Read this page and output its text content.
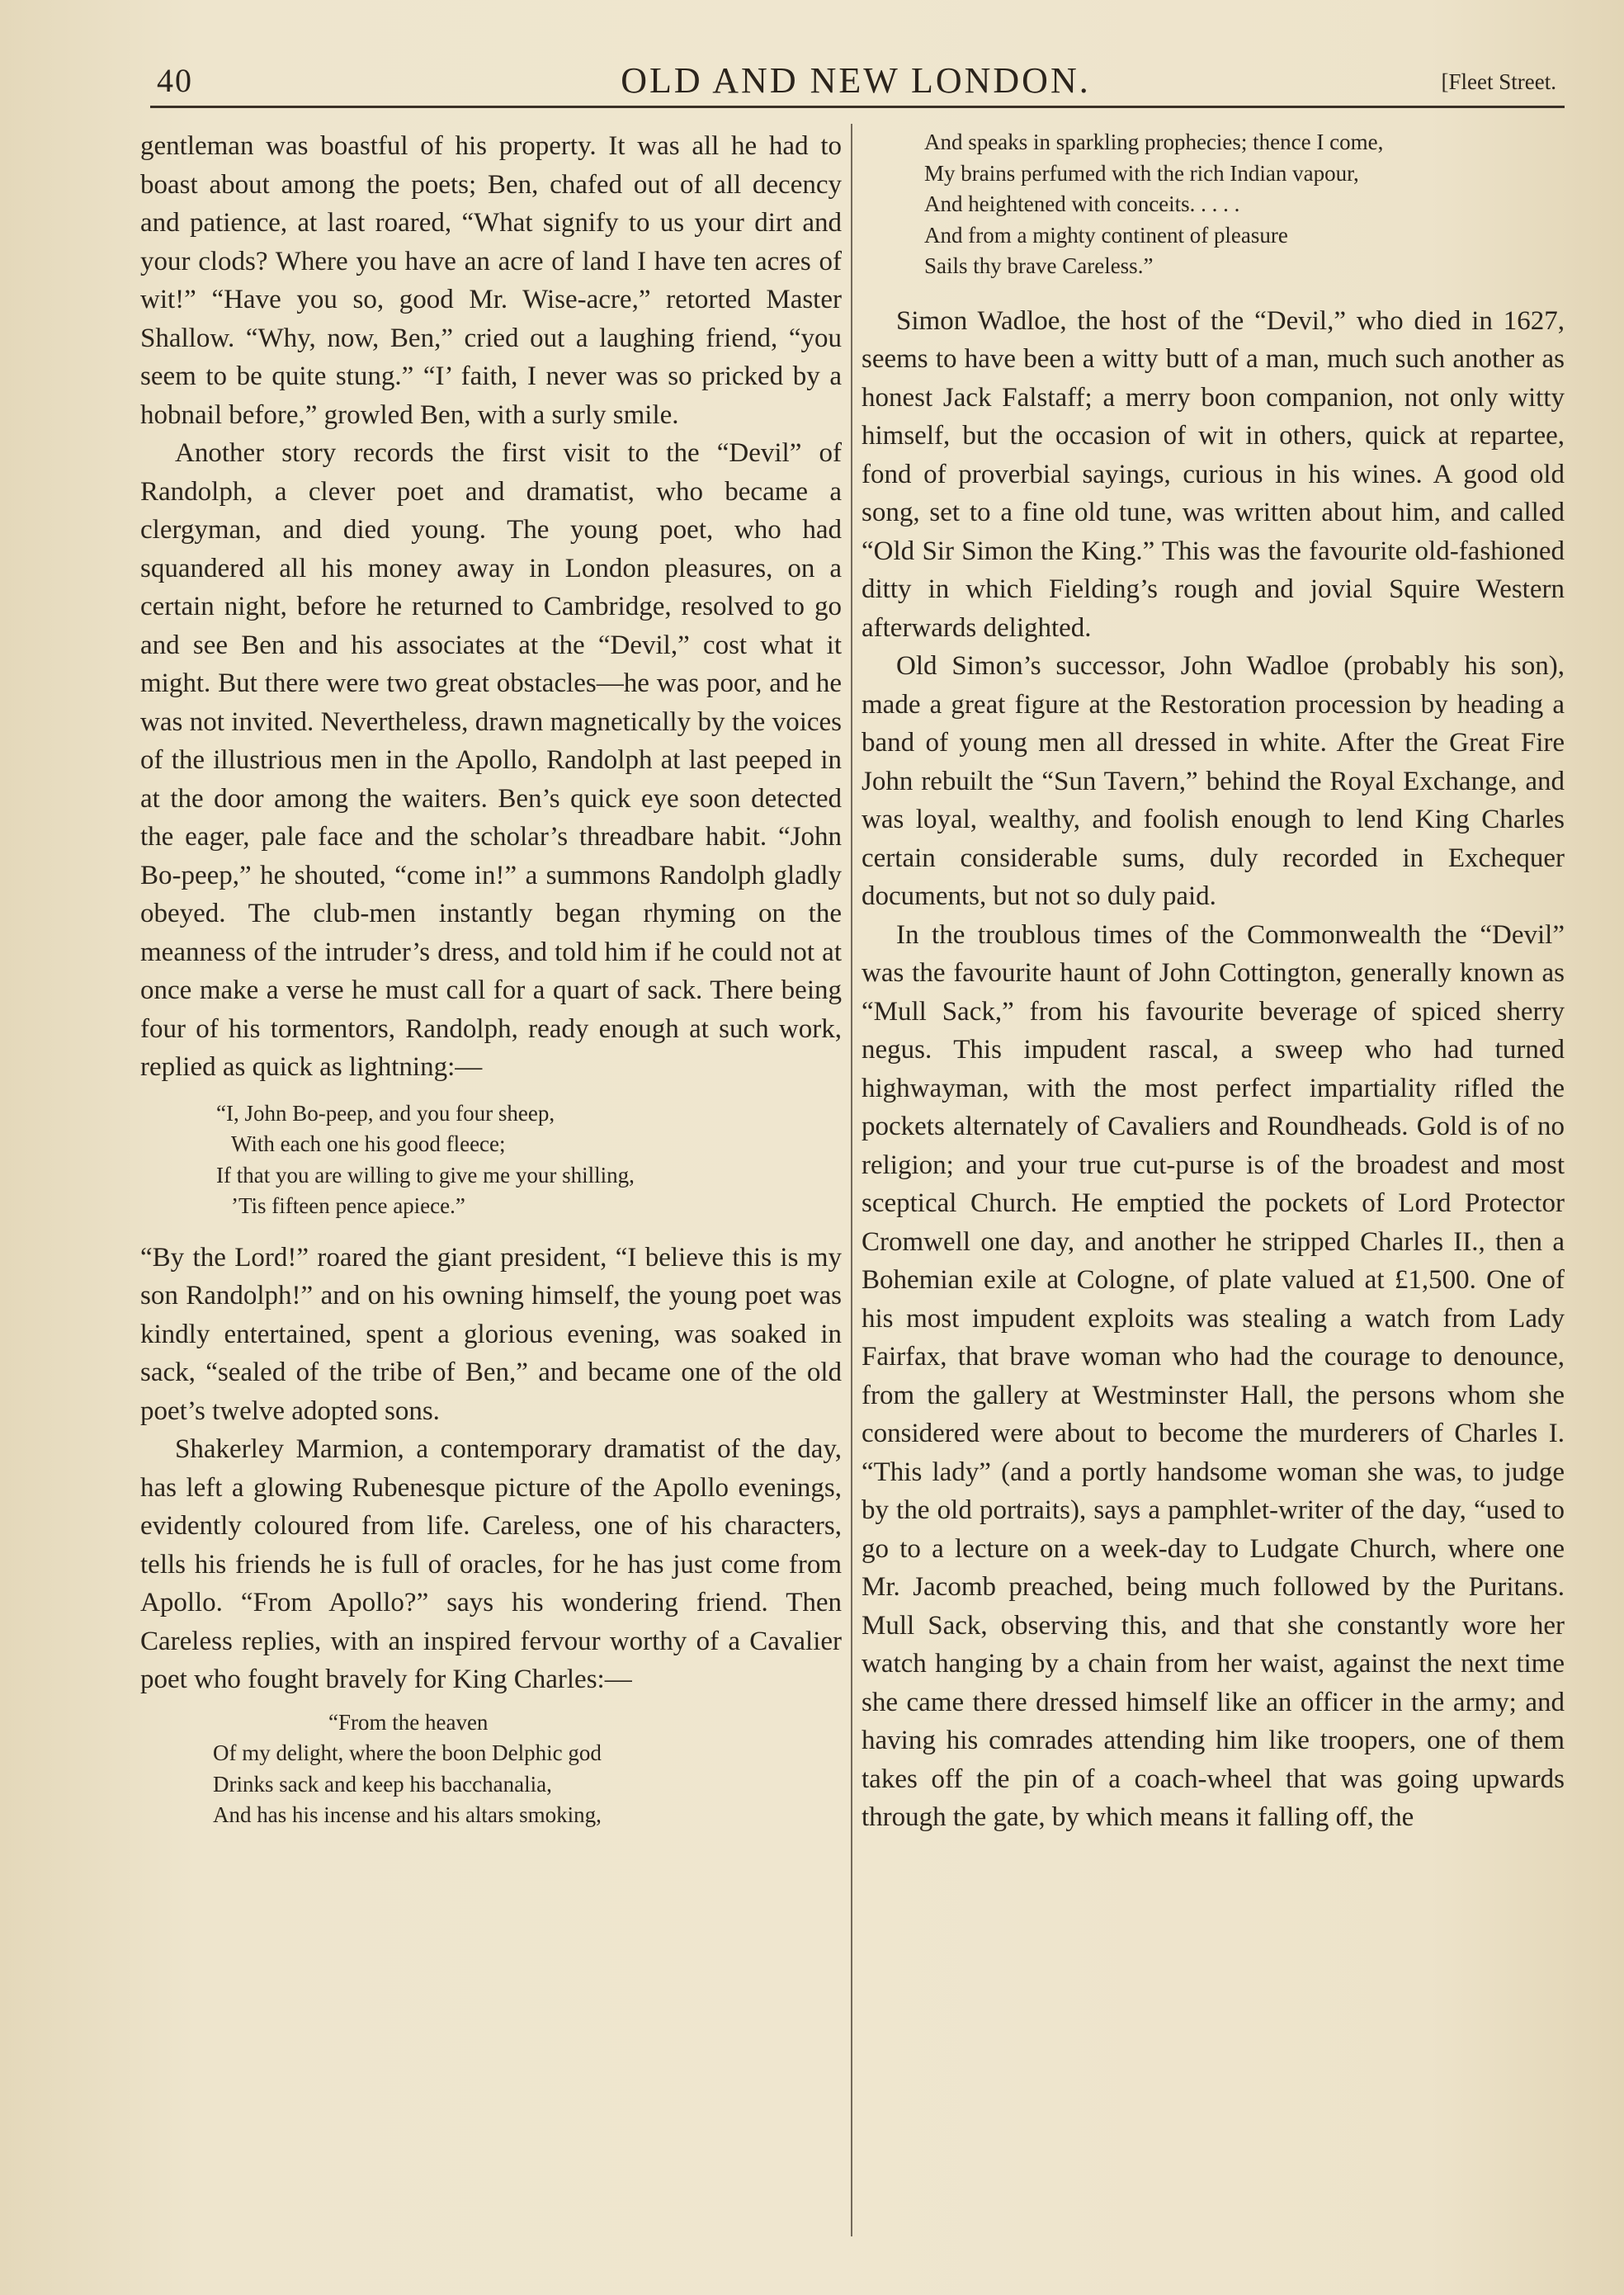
40	OLD AND NEW LONDON.	[Fleet Street.

gentleman was boastful of his property. It was all he had to boast about among the poets; Ben, chafed out of all decency and patience, at last roared, “What signify to us your dirt and your clods? Where you have an acre of land I have ten acres of wit!” “Have you so, good Mr. Wise-acre,” retorted Master Shallow. “Why, now, Ben,” cried out a laughing friend, “you seem to be quite stung.” “I’ faith, I never was so pricked by a hobnail before,” growled Ben, with a surly smile.

Another story records the first visit to the “Devil” of Randolph, a clever poet and dramatist, who became a clergyman, and died young. The young poet, who had squandered all his money away in London pleasures, on a certain night, before he returned to Cambridge, resolved to go and see Ben and his associates at the “Devil,” cost what it might. But there were two great obstacles—he was poor, and he was not invited. Nevertheless, drawn magnetically by the voices of the illustrious men in the Apollo, Randolph at last peeped in at the door among the waiters. Ben’s quick eye soon detected the eager, pale face and the scholar’s threadbare habit. “John Bo-peep,” he shouted, “come in!” a summons Randolph gladly obeyed. The club-men instantly began rhyming on the meanness of the intruder’s dress, and told him if he could not at once make a verse he must call for a quart of sack. There being four of his tormentors, Randolph, ready enough at such work, replied as quick as lightning:—

“I, John Bo-peep, and you four sheep,
With each one his good fleece;
If that you are willing to give me your shilling,
’Tis fifteen pence apiece.”

“By the Lord!” roared the giant president, “I believe this is my son Randolph!” and on his owning himself, the young poet was kindly entertained, spent a glorious evening, was soaked in sack, “sealed of the tribe of Ben,” and became one of the old poet’s twelve adopted sons.

Shakerley Marmion, a contemporary dramatist of the day, has left a glowing Rubenesque picture of the Apollo evenings, evidently coloured from life. Careless, one of his characters, tells his friends he is full of oracles, for he has just come from Apollo. “From Apollo?” says his wondering friend. Then Careless replies, with an inspired fervour worthy of a Cavalier poet who fought bravely for King Charles:—

“From the heaven
Of my delight, where the boon Delphic god
Drinks sack and keep his bacchanalia,
And has his incense and his altars smoking,
And speaks in sparkling prophecies; thence I come,
My brains perfumed with the rich Indian vapour,
And heightened with conceits. . . . .
And from a mighty continent of pleasure
Sails thy brave Careless.”

Simon Wadloe, the host of the “Devil,” who died in 1627, seems to have been a witty butt of a man, much such another as honest Jack Falstaff; a merry boon companion, not only witty himself, but the occasion of wit in others, quick at repartee, fond of proverbial sayings, curious in his wines. A good old song, set to a fine old tune, was written about him, and called “Old Sir Simon the King.” This was the favourite old-fashioned ditty in which Fielding’s rough and jovial Squire Western afterwards delighted.

Old Simon’s successor, John Wadloe (probably his son), made a great figure at the Restoration procession by heading a band of young men all dressed in white. After the Great Fire John rebuilt the “Sun Tavern,” behind the Royal Exchange, and was loyal, wealthy, and foolish enough to lend King Charles certain considerable sums, duly recorded in Exchequer documents, but not so duly paid.

In the troublous times of the Commonwealth the “Devil” was the favourite haunt of John Cottington, generally known as “Mull Sack,” from his favourite beverage of spiced sherry negus. This impudent rascal, a sweep who had turned highwayman, with the most perfect impartiality rifled the pockets alternately of Cavaliers and Roundheads. Gold is of no religion; and your true cut-purse is of the broadest and most sceptical Church. He emptied the pockets of Lord Protector Cromwell one day, and another he stripped Charles II., then a Bohemian exile at Cologne, of plate valued at £1,500. One of his most impudent exploits was stealing a watch from Lady Fairfax, that brave woman who had the courage to denounce, from the gallery at Westminster Hall, the persons whom she considered were about to become the murderers of Charles I. “This lady” (and a portly handsome woman she was, to judge by the old portraits), says a pamphlet-writer of the day, “used to go to a lecture on a week-day to Ludgate Church, where one Mr. Jacomb preached, being much followed by the Puritans. Mull Sack, observing this, and that she constantly wore her watch hanging by a chain from her waist, against the next time she came there dressed himself like an officer in the army; and having his comrades attending him like troopers, one of them takes off the pin of a coach-wheel that was going upwards through the gate, by which means it falling off, the
